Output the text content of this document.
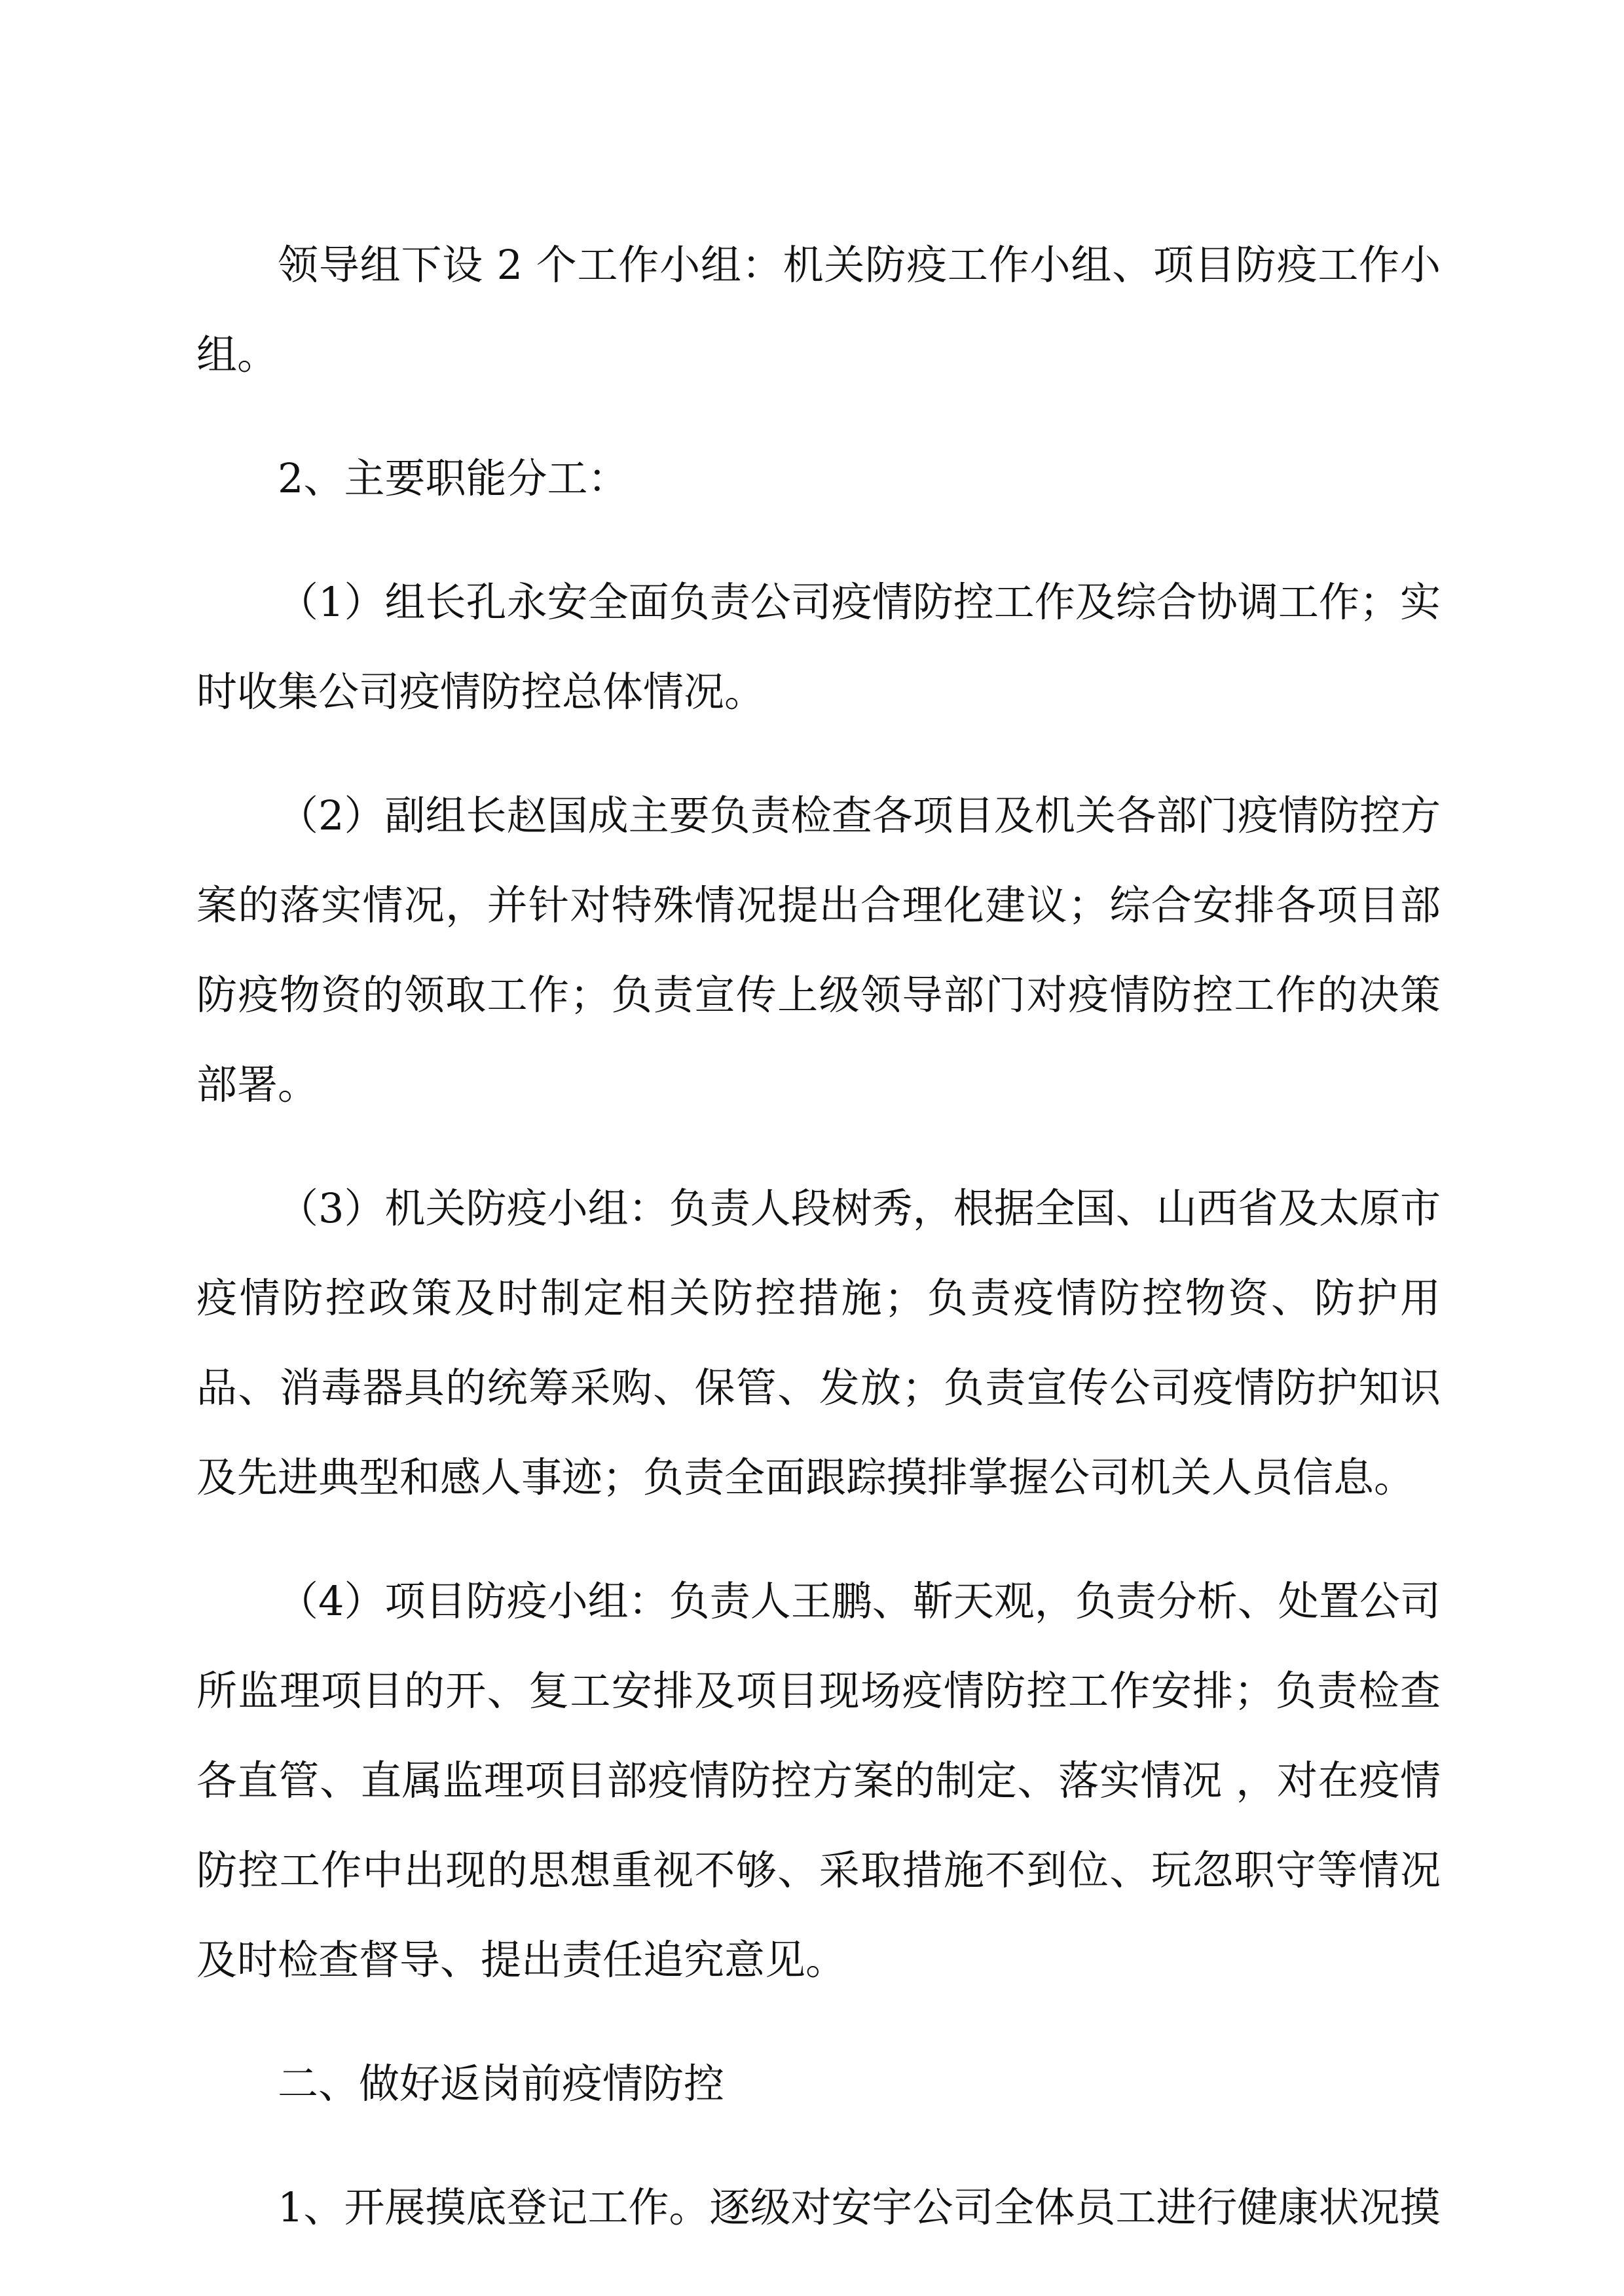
领导组下设 2 个工作小组：机关防疫工作小组、项目防疫工作小组。

2、主要职能分工：

（1）组长孔永安全面负责公司疫情防控工作及综合协调工作；实时收集公司疫情防控总体情况。

（2）副组长赵国成主要负责检查各项目及机关各部门疫情防控方案的落实情况，并针对特殊情况提出合理化建议；综合安排各项目部防疫物资的领取工作；负责宣传上级领导部门对疫情防控工作的决策部署。

（3）机关防疫小组：负责人段树秀，根据全国、山西省及太原市疫情防控政策及时制定相关防控措施；负责疫情防控物资、防护用品、消毒器具的统筹采购、保管、发放；负责宣传公司疫情防护知识及先进典型和感人事迹；负责全面跟踪摸排掌握公司机关人员信息。

（4）项目防疫小组：负责人王鹏、靳天观，负责分析、处置公司所监理项目的开、复工安排及项目现场疫情防控工作安排；负责检查各直管、直属监理项目部疫情防控方案的制定、落实情况 ，对在疫情防控工作中出现的思想重视不够、采取措施不到位、玩忽职守等情况及时检查督导、提出责任追究意见。

二、做好返岗前疫情防控

1、开展摸底登记工作。逐级对安宇公司全体员工进行健康状况摸
